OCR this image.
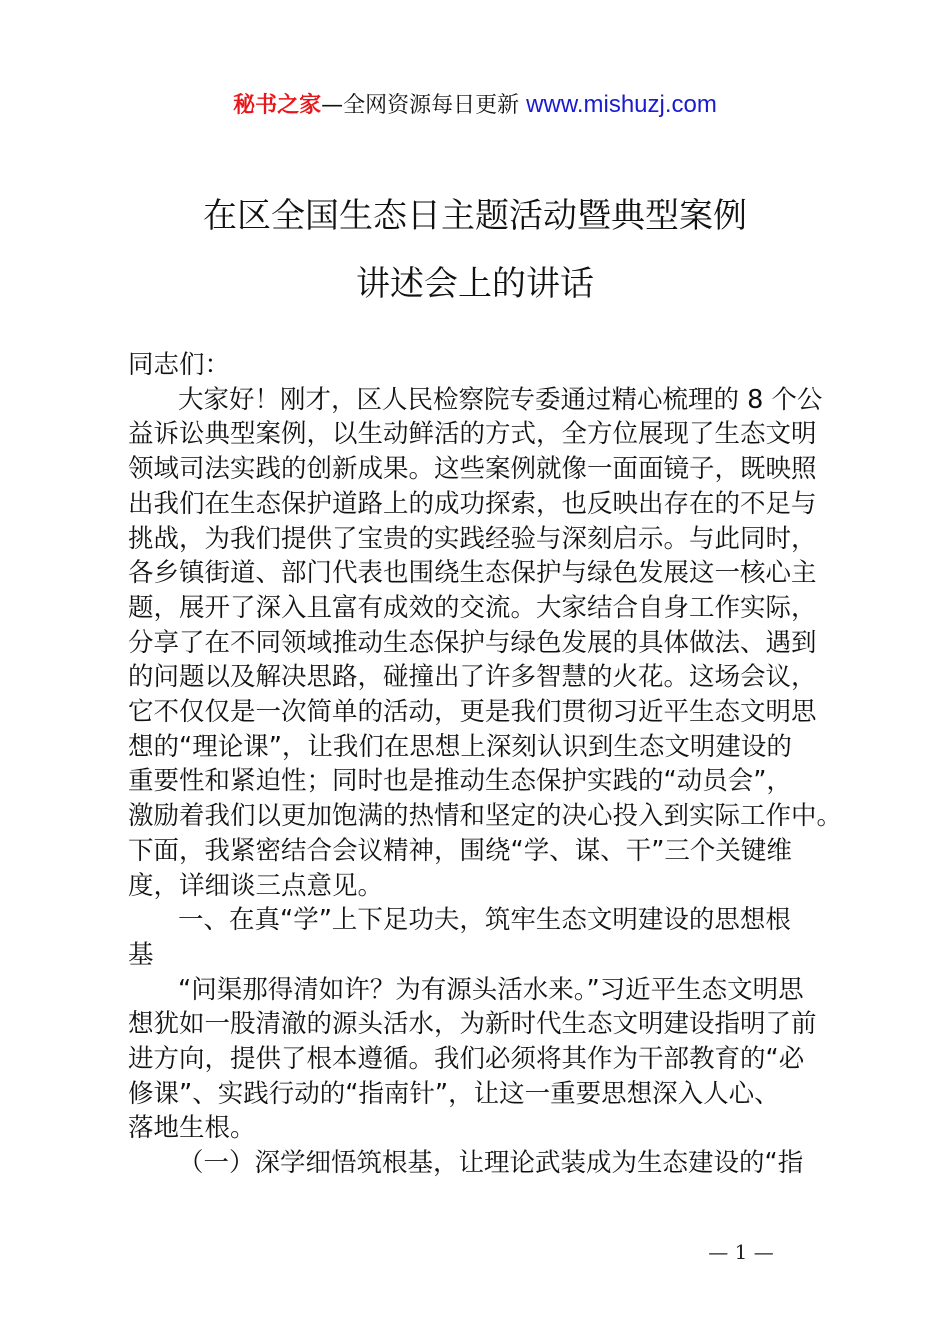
秘书之家—全网资源每日更新 www.mishuzj.com
在区全国生态日主题活动暨典型案例
讲述会上的讲话
同志们：
大家好！刚才，区人民检察院专委通过精心梳理的 8 个公
益诉讼典型案例，以生动鲜活的方式，全方位展现了生态文明
领域司法实践的创新成果。这些案例就像一面面镜子，既映照
出我们在生态保护道路上的成功探索，也反映出存在的不足与
挑战，为我们提供了宝贵的实践经验与深刻启示。与此同时，
各乡镇街道、部门代表也围绕生态保护与绿色发展这一核心主
题，展开了深入且富有成效的交流。大家结合自身工作实际，
分享了在不同领域推动生态保护与绿色发展的具体做法、遇到
的问题以及解决思路，碰撞出了许多智慧的火花。这场会议，
它不仅仅是一次简单的活动，更是我们贯彻习近平生态文明思
想的“理论课”，让我们在思想上深刻认识到生态文明建设的
重要性和紧迫性；同时也是推动生态保护实践的“动员会”，
激励着我们以更加饱满的热情和坚定的决心投入到实际工作中。
下面，我紧密结合会议精神，围绕“学、谋、干”三个关键维
度，详细谈三点意见。
一、在真“学”上下足功夫，筑牢生态文明建设的思想根
基
“问渠那得清如许？为有源头活水来。”习近平生态文明思
想犹如一股清澈的源头活水，为新时代生态文明建设指明了前
进方向，提供了根本遵循。我们必须将其作为干部教育的“必
修课”、实践行动的“指南针”，让这一重要思想深入人心、
落地生根。
（一）深学细悟筑根基，让理论武装成为生态建设的“指
— 1 —
